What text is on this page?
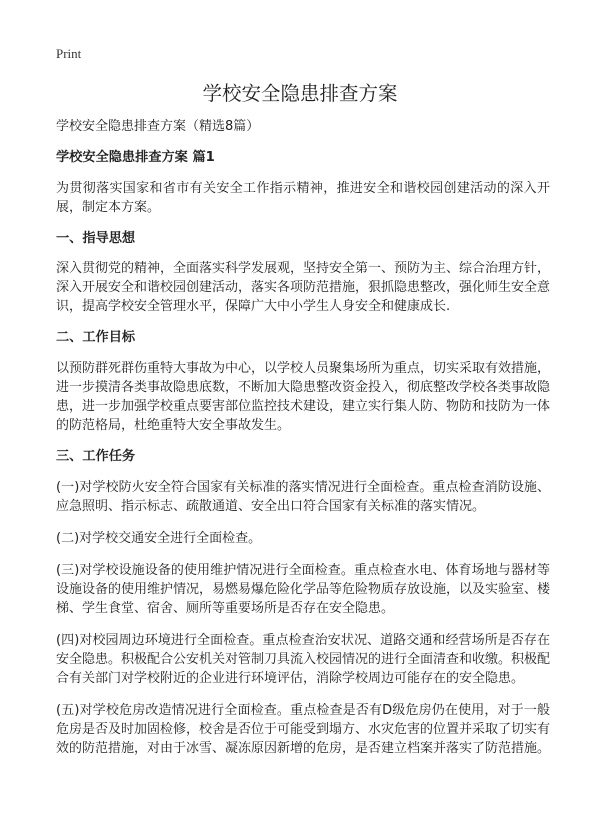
Print
学校安全隐患排查方案

学校安全隐患排查方案（精选8篇）

学校安全隐患排查方案 篇1

为贯彻落实国家和省市有关安全工作指示精神，推进安全和谐校园创建活动的深入开展，制定本方案。

一、指导思想

深入贯彻党的精神，全面落实科学发展观，坚持安全第一、预防为主、综合治理方针，深入开展安全和谐校园创建活动，落实各项防范措施，狠抓隐患整改，强化师生安全意识，提高学校安全管理水平，保障广大中小学生人身安全和健康成长.

二、工作目标

以预防群死群伤重特大事故为中心，以学校人员聚集场所为重点，切实采取有效措施，进一步摸清各类事故隐患底数，不断加大隐患整改资金投入，彻底整改学校各类事故隐患，进一步加强学校重点要害部位监控技术建设，建立实行集人防、物防和技防为一体的防范格局，杜绝重特大安全事故发生。

三、工作任务

(一)对学校防火安全符合国家有关标准的落实情况进行全面检查。重点检查消防设施、应急照明、指示标志、疏散通道、安全出口符合国家有关标准的落实情况。

(二)对学校交通安全进行全面检查。

(三)对学校设施设备的使用维护情况进行全面检查。重点检查水电、体育场地与器材等设施设备的使用维护情况，易燃易爆危险化学品等危险物质存放设施，以及实验室、楼梯、学生食堂、宿舍、厕所等重要场所是否存在安全隐患。

(四)对校园周边环境进行全面检查。重点检查治安状况、道路交通和经营场所是否存在安全隐患。积极配合公安机关对管制刀具流入校园情况的进行全面清查和收缴。积极配合有关部门对学校附近的企业进行环境评估，消除学校周边可能存在的安全隐患。

(五)对学校危房改造情况进行全面检查。重点检查是否有D级危房仍在使用，对于一般危房是否及时加固检修，校舍是否位于可能受到塌方、水灾危害的位置并采取了切实有效的防范措施，对由于冰雪、凝冻原因新增的危房，是否建立档案并落实了防范措施。
